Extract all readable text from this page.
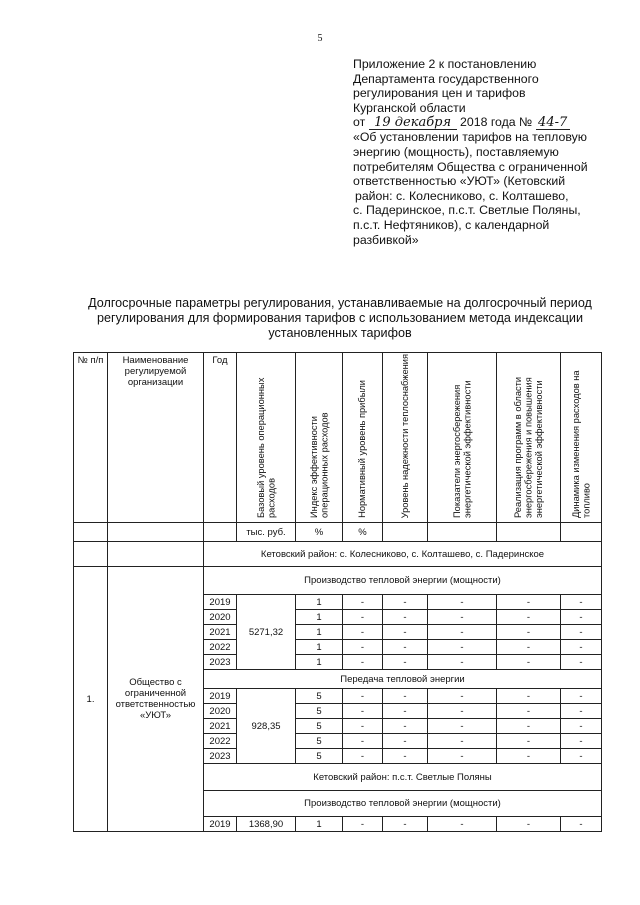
5
Приложение 2 к постановлению
Департамента государственного
регулирования цен и тарифов
Курганской области
от 19 декабря 2018 года № 44-7
«Об установлении тарифов на тепловую
энергию (мощность), поставляемую
потребителям Общества с ограниченной
ответственностью «УЮТ» (Кетовский
район: с. Колесниково, с. Колташево,
с. Падеринское, п.с.т. Светлые Поляны,
п.с.т. Нефтяников), с календарной
разбивкой»
Долгосрочные параметры регулирования, устанавливаемые на долгосрочный период
регулирования для формирования тарифов с использованием метода индексации
установленных тарифов
№ п/п	Наименование регулируемой организации	Год	Базовый уровень операционных расходов	Индекс эффективности операционных расходов	Нормативный уровень прибыли	Уровень надежности теплоснабжения	Показатели энергосбережения энергетической эффективности	Реализация программ в области энергосбережения и повышения энергетической эффективности	Динамика изменения расходов на топливо

			тыс. руб.	%	%				
		Кетовский район: с. Колесниково, с. Колташево, с. Падеринское							
1.	Общество с ограниченной ответственностью «УЮТ»	Производство тепловой энергии (мощности)							
		2019	5271,32	1	-	-	-	-	-
		2020		1	-	-	-	-	-
		2021		1	-	-	-	-	-
		2022		1	-	-	-	-	-
		2023		1	-	-	-	-	-
		Передача тепловой энергии							
		2019	928,35	5	-	-	-	-	-
		2020		5	-	-	-	-	-
		2021		5	-	-	-	-	-
		2022		5	-	-	-	-	-
		2023		5	-	-	-	-	-
		Кетовский район: п.с.т. Светлые Поляны							
		Производство тепловой энергии (мощности)							
		2019	1368,90	1	-	-	-	-	-
